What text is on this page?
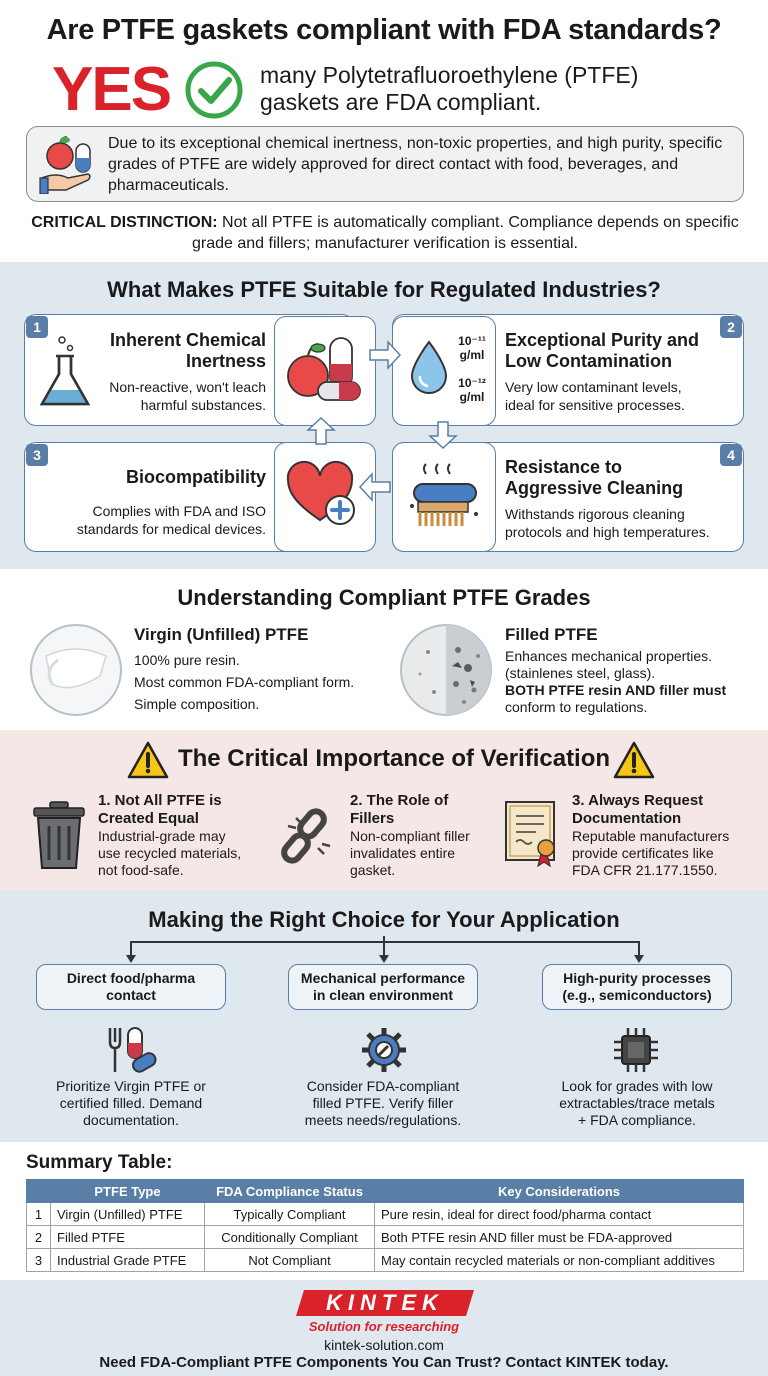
Are PTFE gaskets compliant with FDA standards?
YES	many Polytetrafluoroethylene (PTFE)
gaskets are FDA compliant.
Due to its exceptional chemical inertness, non-toxic properties, and high purity, specific grades of PTFE are widely approved for direct contact with food, beverages, and pharmaceuticals.
CRITICAL DISTINCTION: Not all PTFE is automatically compliant. Compliance depends on specific grade and fillers; manufacturer verification is essential.
What Makes PTFE Suitable for Regulated Industries?
1
Inherent Chemical
Inertness
Non-reactive, won't leach
harmful substances.
2
Exceptional Purity and
Low Contamination
Very low contaminant levels,
ideal for sensitive processes.
3
Biocompatibility
Complies with FDA and ISO
standards for medical devices.
4
Resistance to
Aggressive Cleaning
Withstands rigorous cleaning
protocols and high temperatures.
10⁻¹¹ g/ml
10⁻¹² g/ml
Understanding Compliant PTFE Grades
Virgin (Unfilled) PTFE
100% pure resin.
Most common FDA-compliant form.
Simple composition.
Filled PTFE
Enhances mechanical properties.
(stainlenes steel, glass).
BOTH PTFE resin AND filler must
conform to regulations.
The Critical Importance of Verification
1. Not All PTFE is
Created Equal
Industrial-grade may
use recycled materials,
not food-safe.
2. The Role of
Fillers
Non-compliant filler
invalidates entire
gasket.
3. Always Request
Documentation
Reputable manufacturers
provide certificates like
FDA CFR 21.177.1550.
Making the Right Choice for Your Application
Direct food/pharma
contact
Mechanical performance
in clean environment
High-purity processes
(e.g., semiconductors)
Prioritize Virgin PTFE or
certified filled. Demand
documentation.
Consider FDA-compliant
filled PTFE. Verify filler
meets needs/regulations.
Look for grades with low
extractables/trace metals
+ FDA compliance.
Summary Table:
	PTFE Type	FDA Compliance Status	Key Considerations
1	Virgin (Unfilled) PTFE	Typically Compliant	Pure resin, ideal for direct food/pharma contact
2	Filled PTFE	Conditionally Compliant	Both PTFE resin AND filler must be FDA-approved
3	Industrial Grade PTFE	Not Compliant	May contain recycled materials or non-compliant additives
KINTEK
Solution for researching
kintek-solution.com
Need FDA-Compliant PTFE Components You Can Trust? Contact KINTEK today.
